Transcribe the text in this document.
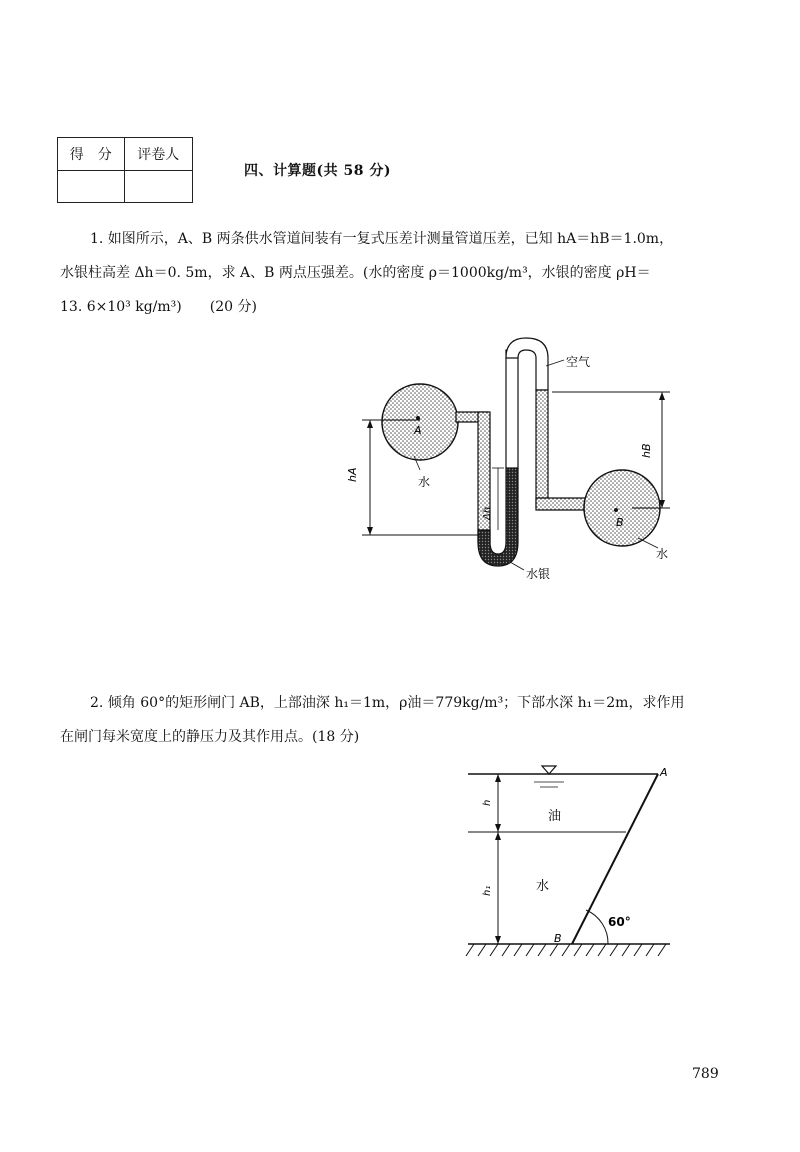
得　分	评卷人

四、计算题(共 58 分)

1. 如图所示，A、B 两条供水管道间装有一复式压差计测量管道压差，已知 hA＝hB＝1.0m，

水银柱高差 Δh＝0. 5m，求 A、B 两点压强差。(水的密度 ρ＝1000kg/m³，水银的密度 ρH＝

13. 6×10³ kg/m³)　　(20 分)

A
B
hA
Δh
hB
空气
水
水
水银

2. 倾角 60°的矩形闸门 AB，上部油深 h₁＝1m，ρ油＝779kg/m³；下部水深 h₁＝2m，求作用

在闸门每米宽度上的静压力及其作用点。(18 分)

h
h₁
油
水
A
B
60°
789
